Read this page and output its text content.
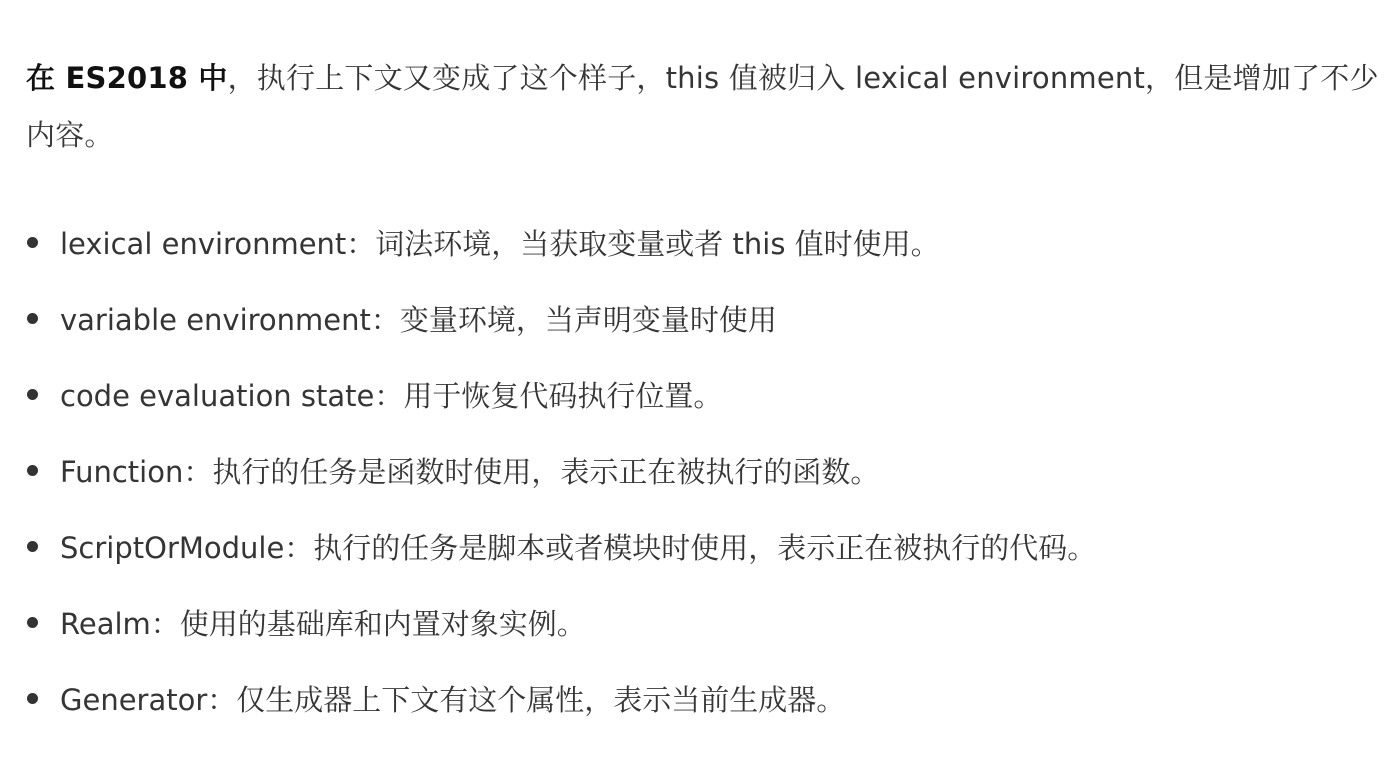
在 ES2018 中，执行上下文又变成了这个样子，this 值被归入 lexical environment，但是增加了不少内容。

lexical environment：词法环境，当获取变量或者 this 值时使用。
variable environment：变量环境，当声明变量时使用
code evaluation state：用于恢复代码执行位置。
Function：执行的任务是函数时使用，表示正在被执行的函数。
ScriptOrModule：执行的任务是脚本或者模块时使用，表示正在被执行的代码。
Realm：使用的基础库和内置对象实例。
Generator：仅生成器上下文有这个属性，表示当前生成器。
